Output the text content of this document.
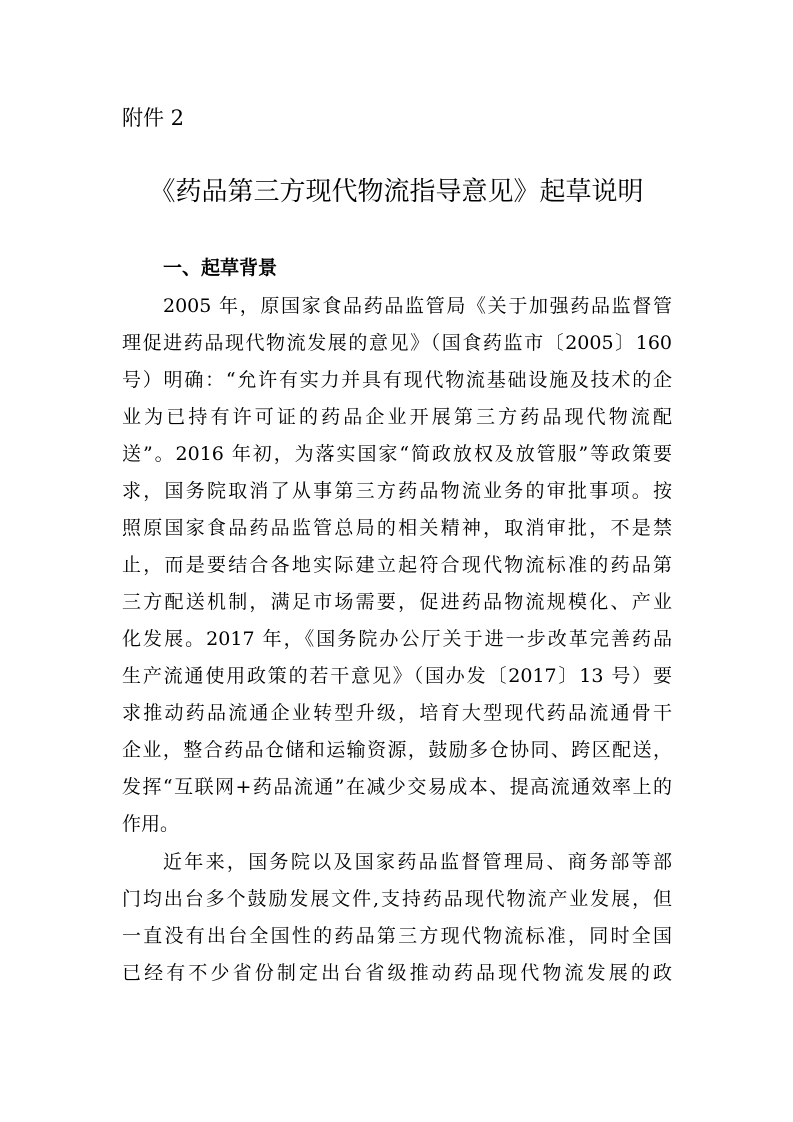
附件 2
《药品第三方现代物流指导意见》起草说明
一、起草背景
2005 年，原国家食品药品监管局《关于加强药品监督管
理促进药品现代物流发展的意见》（国食药监市〔2005〕160
号）明确：“允许有实力并具有现代物流基础设施及技术的企
业为已持有许可证的药品企业开展第三方药品现代物流配
送”。2016 年初，为落实国家“简政放权及放管服”等政策要
求，国务院取消了从事第三方药品物流业务的审批事项。按
照原国家食品药品监管总局的相关精神，取消审批，不是禁
止，而是要结合各地实际建立起符合现代物流标准的药品第
三方配送机制，满足市场需要，促进药品物流规模化、产业
化发展。2017 年，《国务院办公厅关于进一步改革完善药品
生产流通使用政策的若干意见》（国办发〔2017〕13 号）要
求推动药品流通企业转型升级，培育大型现代药品流通骨干
企业，整合药品仓储和运输资源，鼓励多仓协同、跨区配送，
发挥“互联网+药品流通”在减少交易成本、提高流通效率上的
作用。
近年来，国务院以及国家药品监督管理局、商务部等部
门均出台多个鼓励发展文件,支持药品现代物流产业发展，但
一直没有出台全国性的药品第三方现代物流标准，同时全国
已经有不少省份制定出台省级推动药品现代物流发展的政
